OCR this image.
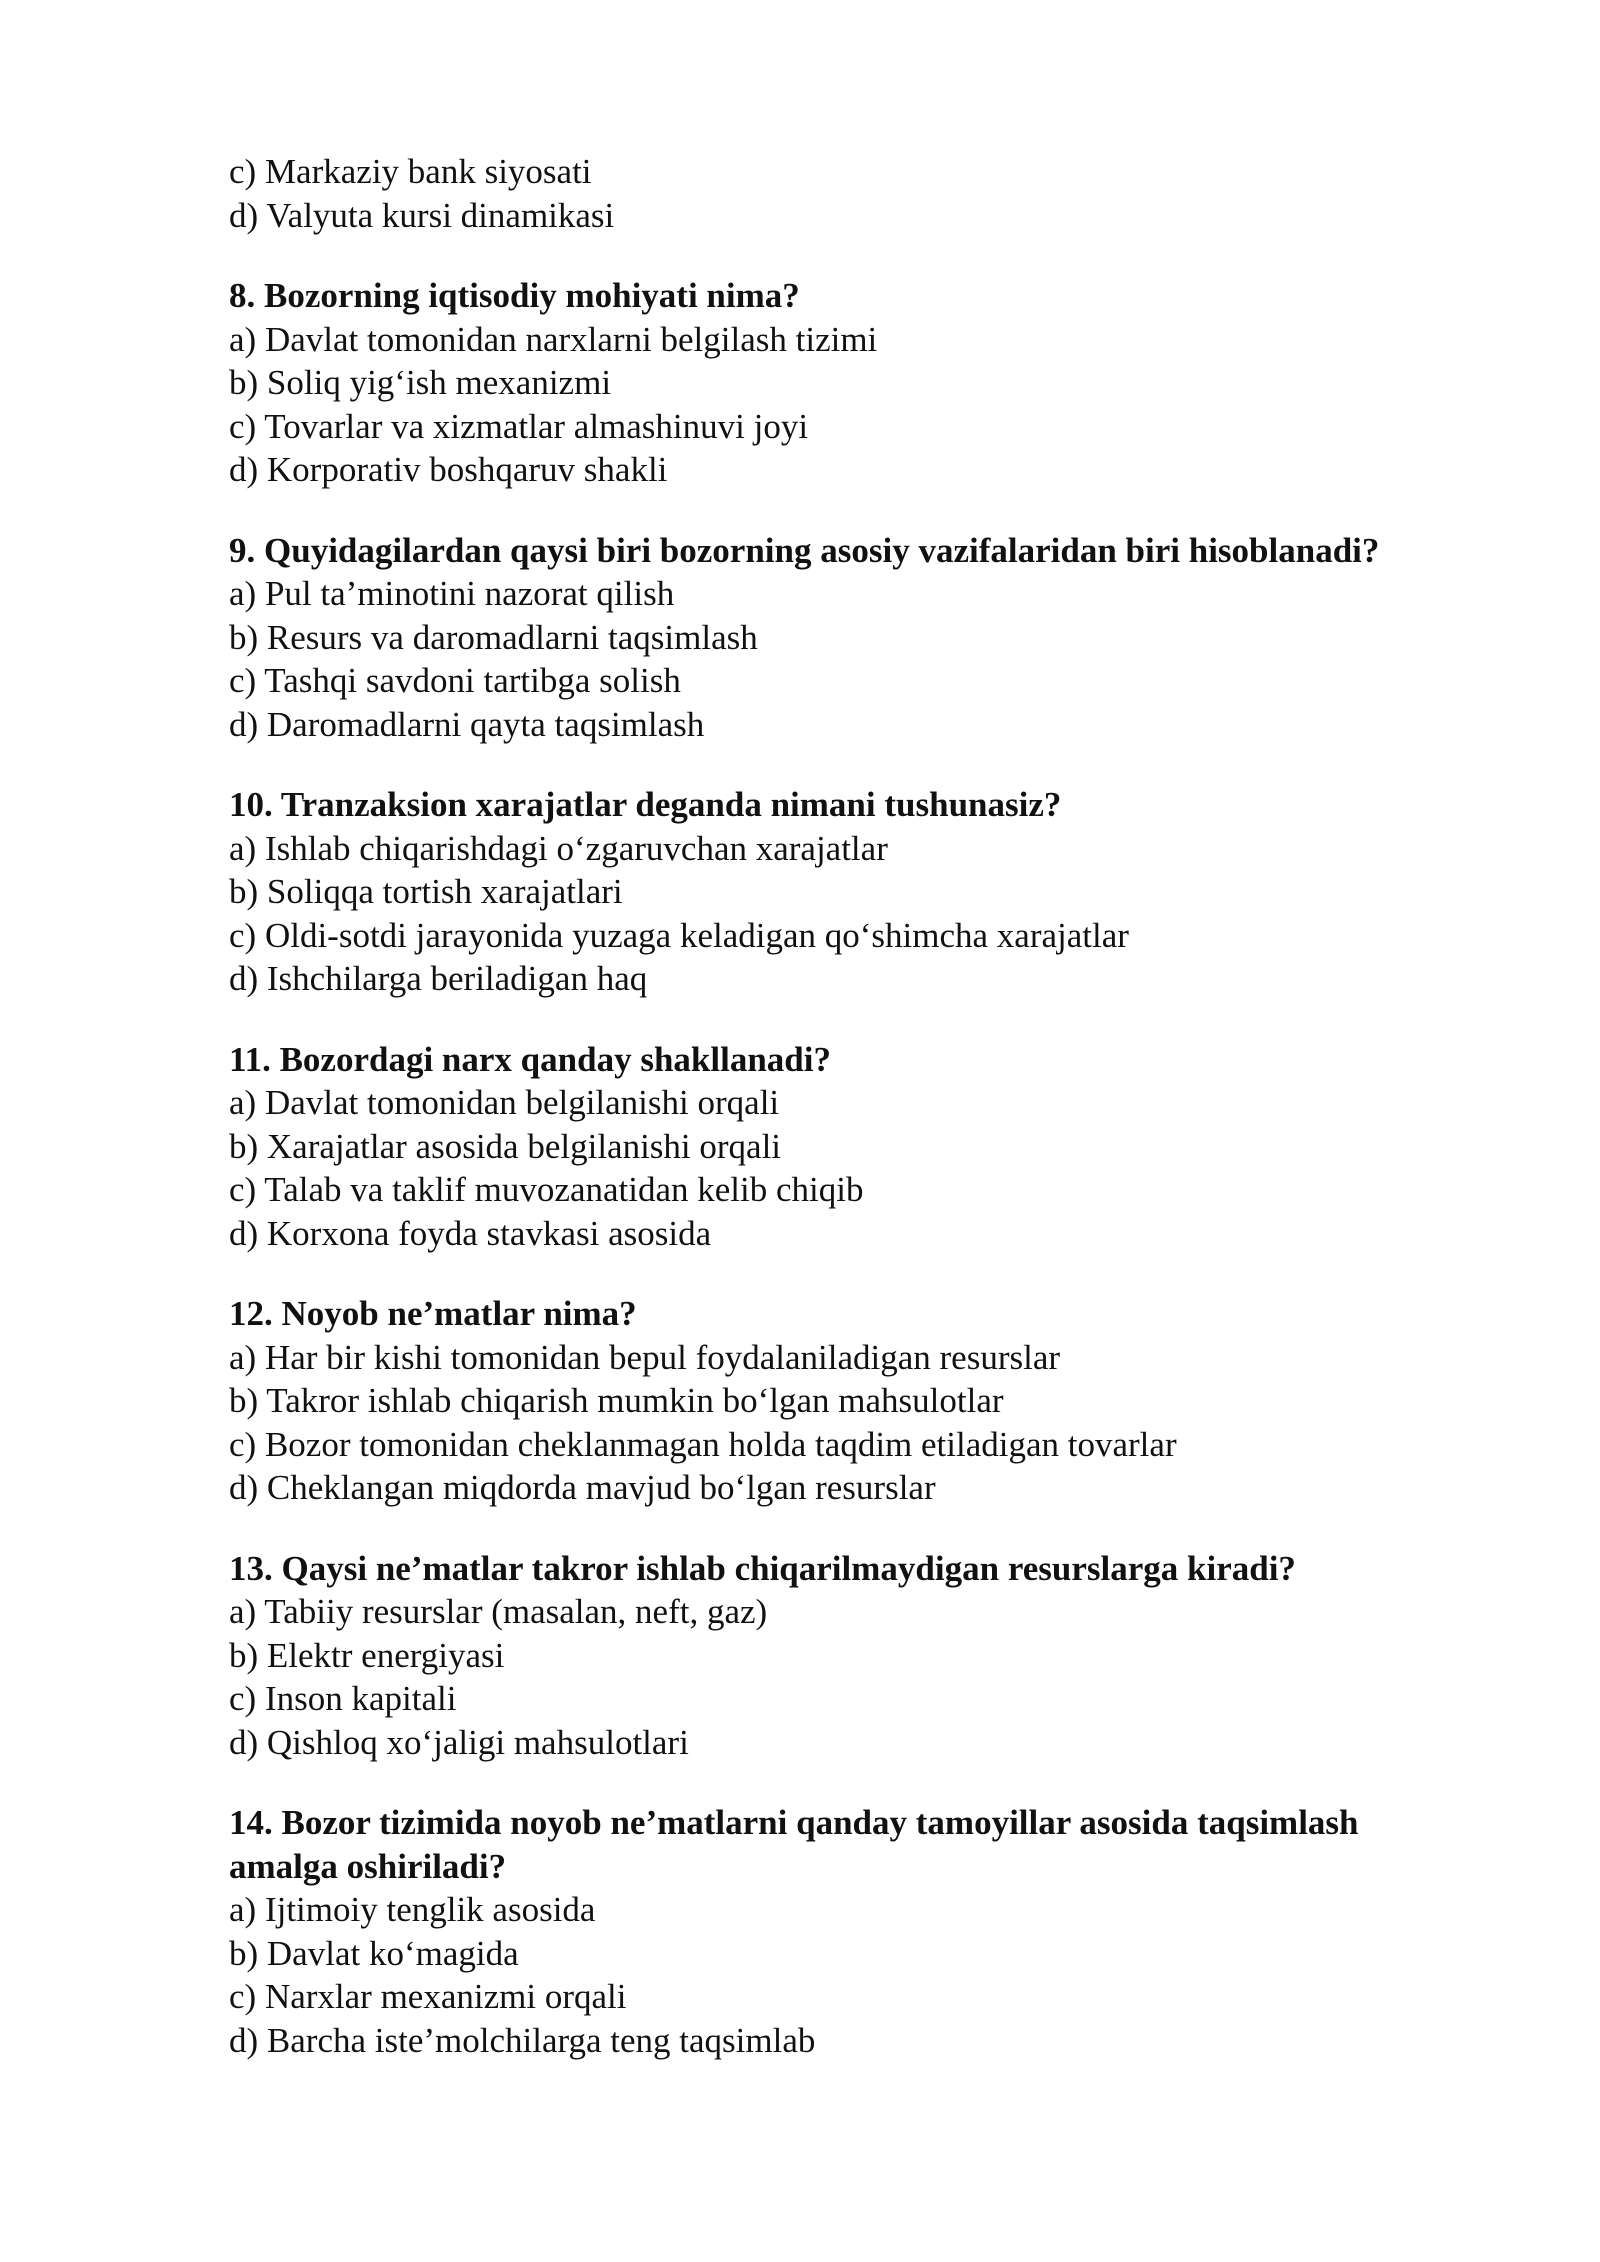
c) Markaziy bank siyosati
d) Valyuta kursi dinamikasi
8. Bozorning iqtisodiy mohiyati nima?
a) Davlat tomonidan narxlarni belgilash tizimi
b) Soliq yig‘ish mexanizmi
c) Tovarlar va xizmatlar almashinuvi joyi
d) Korporativ boshqaruv shakli
9. Quyidagilardan qaysi biri bozorning asosiy vazifalaridan biri hisoblanadi?
a) Pul ta’minotini nazorat qilish
b) Resurs va daromadlarni taqsimlash
c) Tashqi savdoni tartibga solish
d) Daromadlarni qayta taqsimlash
10. Tranzaksion xarajatlar deganda nimani tushunasiz?
a) Ishlab chiqarishdagi o‘zgaruvchan xarajatlar
b) Soliqqa tortish xarajatlari
c) Oldi-sotdi jarayonida yuzaga keladigan qo‘shimcha xarajatlar
d) Ishchilarga beriladigan haq
11. Bozordagi narx qanday shakllanadi?
a) Davlat tomonidan belgilanishi orqali
b) Xarajatlar asosida belgilanishi orqali
c) Talab va taklif muvozanatidan kelib chiqib
d) Korxona foyda stavkasi asosida
12. Noyob ne’matlar nima?
a) Har bir kishi tomonidan bepul foydalaniladigan resurslar
b) Takror ishlab chiqarish mumkin bo‘lgan mahsulotlar
c) Bozor tomonidan cheklanmagan holda taqdim etiladigan tovarlar
d) Cheklangan miqdorda mavjud bo‘lgan resurslar
13. Qaysi ne’matlar takror ishlab chiqarilmaydigan resurslarga kiradi?
a) Tabiiy resurslar (masalan, neft, gaz)
b) Elektr energiyasi
c) Inson kapitali
d) Qishloq xo‘jaligi mahsulotlari
14. Bozor tizimida noyob ne’matlarni qanday tamoyillar asosida taqsimlash
amalga oshiriladi?
a) Ijtimoiy tenglik asosida
b) Davlat ko‘magida
c) Narxlar mexanizmi orqali
d) Barcha iste’molchilarga teng taqsimlab
